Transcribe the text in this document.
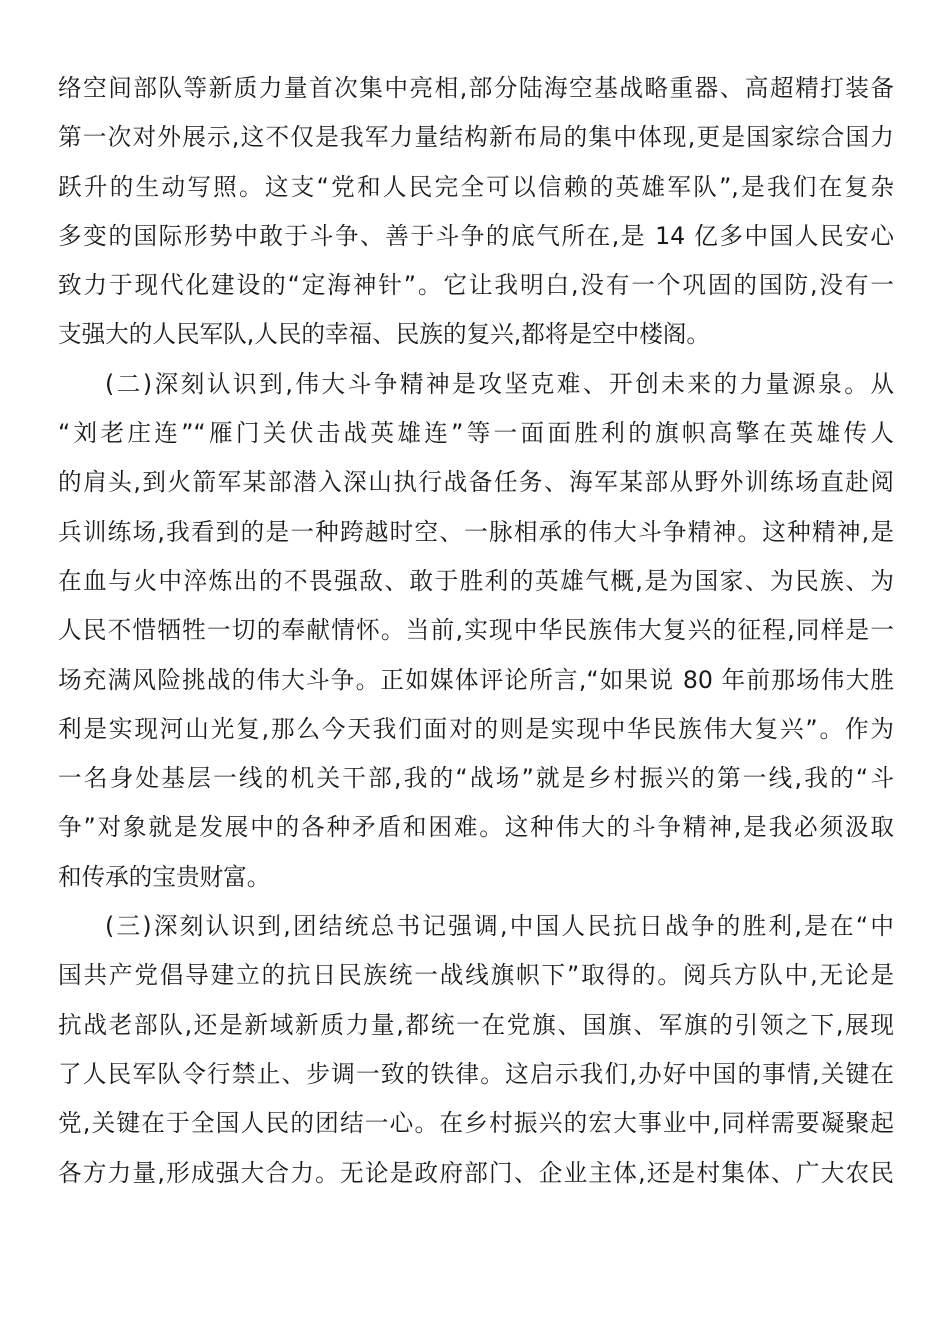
络空间部队等新质力量首次集中亮相,部分陆海空基战略重器、高超精打装备
第一次对外展示,这不仅是我军力量结构新布局的集中体现,更是国家综合国力
跃升的生动写照。这支“党和人民完全可以信赖的英雄军队”,是我们在复杂
多变的国际形势中敢于斗争、善于斗争的底气所在,是 14 亿多中国人民安心
致力于现代化建设的“定海神针”。它让我明白,没有一个巩固的国防,没有一
支强大的人民军队,人民的幸福、民族的复兴,都将是空中楼阁。
(二)深刻认识到,伟大斗争精神是攻坚克难、开创未来的力量源泉。从
“刘老庄连”“雁门关伏击战英雄连”等一面面胜利的旗帜高擎在英雄传人
的肩头,到火箭军某部潜入深山执行战备任务、海军某部从野外训练场直赴阅
兵训练场,我看到的是一种跨越时空、一脉相承的伟大斗争精神。这种精神,是
在血与火中淬炼出的不畏强敌、敢于胜利的英雄气概,是为国家、为民族、为
人民不惜牺牲一切的奉献情怀。当前,实现中华民族伟大复兴的征程,同样是一
场充满风险挑战的伟大斗争。正如媒体评论所言,“如果说 80 年前那场伟大胜
利是实现河山光复,那么今天我们面对的则是实现中华民族伟大复兴”。作为
一名身处基层一线的机关干部,我的“战场”就是乡村振兴的第一线,我的“斗
争”对象就是发展中的各种矛盾和困难。这种伟大的斗争精神,是我必须汲取
和传承的宝贵财富。
(三)深刻认识到,团结统总书记强调,中国人民抗日战争的胜利,是在“中
国共产党倡导建立的抗日民族统一战线旗帜下”取得的。阅兵方队中,无论是
抗战老部队,还是新域新质力量,都统一在党旗、国旗、军旗的引领之下,展现
了人民军队令行禁止、步调一致的铁律。这启示我们,办好中国的事情,关键在
党,关键在于全国人民的团结一心。在乡村振兴的宏大事业中,同样需要凝聚起
各方力量,形成强大合力。无论是政府部门、企业主体,还是村集体、广大农民
